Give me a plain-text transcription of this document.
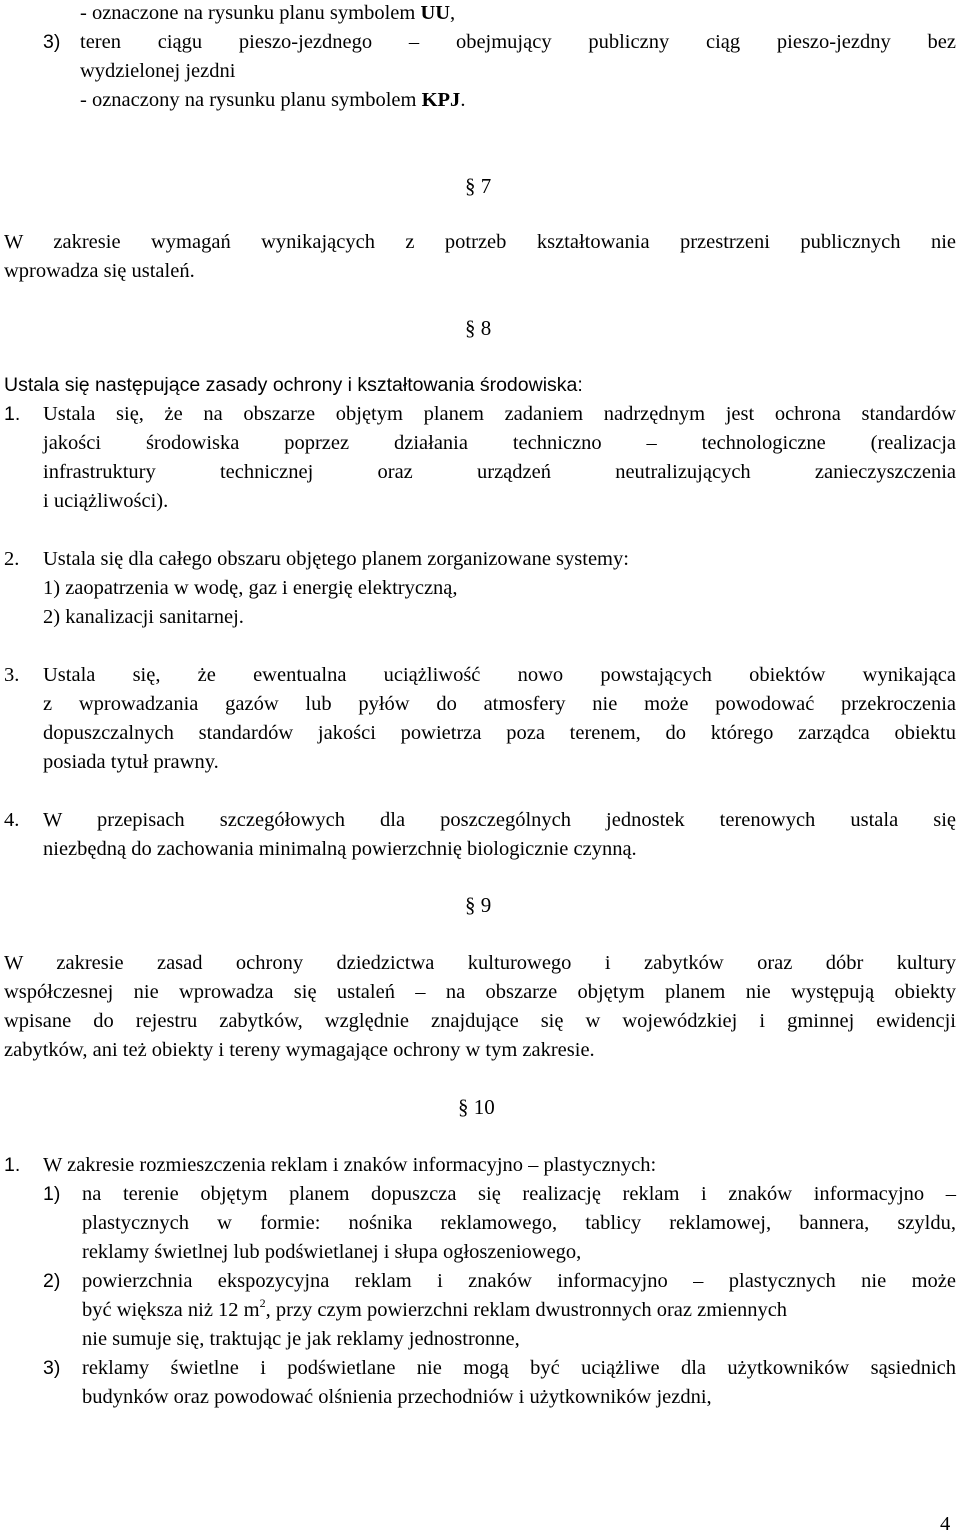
- oznaczone na rysunku planu symbolem UU,
3) teren ciągu pieszo-jezdnego – obejmujący publiczny ciąg pieszo-jezdny bez
wydzielonej jezdni
- oznaczony na rysunku planu symbolem KPJ.
§ 7
W zakresie wymagań wynikających z potrzeb kształtowania przestrzeni publicznych nie
wprowadza się ustaleń.
§ 8
Ustala się następujące zasady ochrony i kształtowania środowiska:
1. Ustala się, że na obszarze objętym planem zadaniem nadrzędnym jest ochrona standardów
jakości środowiska poprzez działania techniczno – technologiczne (realizacja
infrastruktury technicznej oraz urządzeń neutralizujących zanieczyszczenia
i uciążliwości).
2. Ustala się dla całego obszaru objętego planem zorganizowane systemy:
1) zaopatrzenia w wodę, gaz i energię elektryczną,
2) kanalizacji sanitarnej.
3. Ustala się, że ewentualna uciążliwość nowo powstających obiektów wynikająca
z wprowadzania gazów lub pyłów do atmosfery nie może powodować przekroczenia
dopuszczalnych standardów jakości powietrza poza terenem, do którego zarządca obiektu
posiada tytuł prawny.
4. W przepisach szczegółowych dla poszczególnych jednostek terenowych ustala się
niezbędną do zachowania minimalną powierzchnię biologicznie czynną.
§ 9
W zakresie zasad ochrony dziedzictwa kulturowego i zabytków oraz dóbr kultury
współczesnej nie wprowadza się ustaleń – na obszarze objętym planem nie występują obiekty
wpisane do rejestru zabytków, względnie znajdujące się w wojewódzkiej i gminnej ewidencji
zabytków, ani też obiekty i tereny wymagające ochrony w tym zakresie.
§ 10
1. W zakresie rozmieszczenia reklam i znaków informacyjno – plastycznych:
1) na terenie objętym planem dopuszcza się realizację reklam i znaków informacyjno –
plastycznych w formie: nośnika reklamowego, tablicy reklamowej, bannera, szyldu,
reklamy świetlnej lub podświetlanej i słupa ogłoszeniowego,
2) powierzchnia ekspozycyjna reklam i znaków informacyjno – plastycznych nie może
być większa niż 12 $m^2$, przy czym powierzchni reklam dwustronnych oraz zmiennych
nie sumuje się, traktując je jak reklamy jednostronne,
3) reklamy świetlne i podświetlane nie mogą być uciążliwe dla użytkowników sąsiednich
budynków oraz powodować olśnienia przechodniów i użytkowników jezdni,
4
